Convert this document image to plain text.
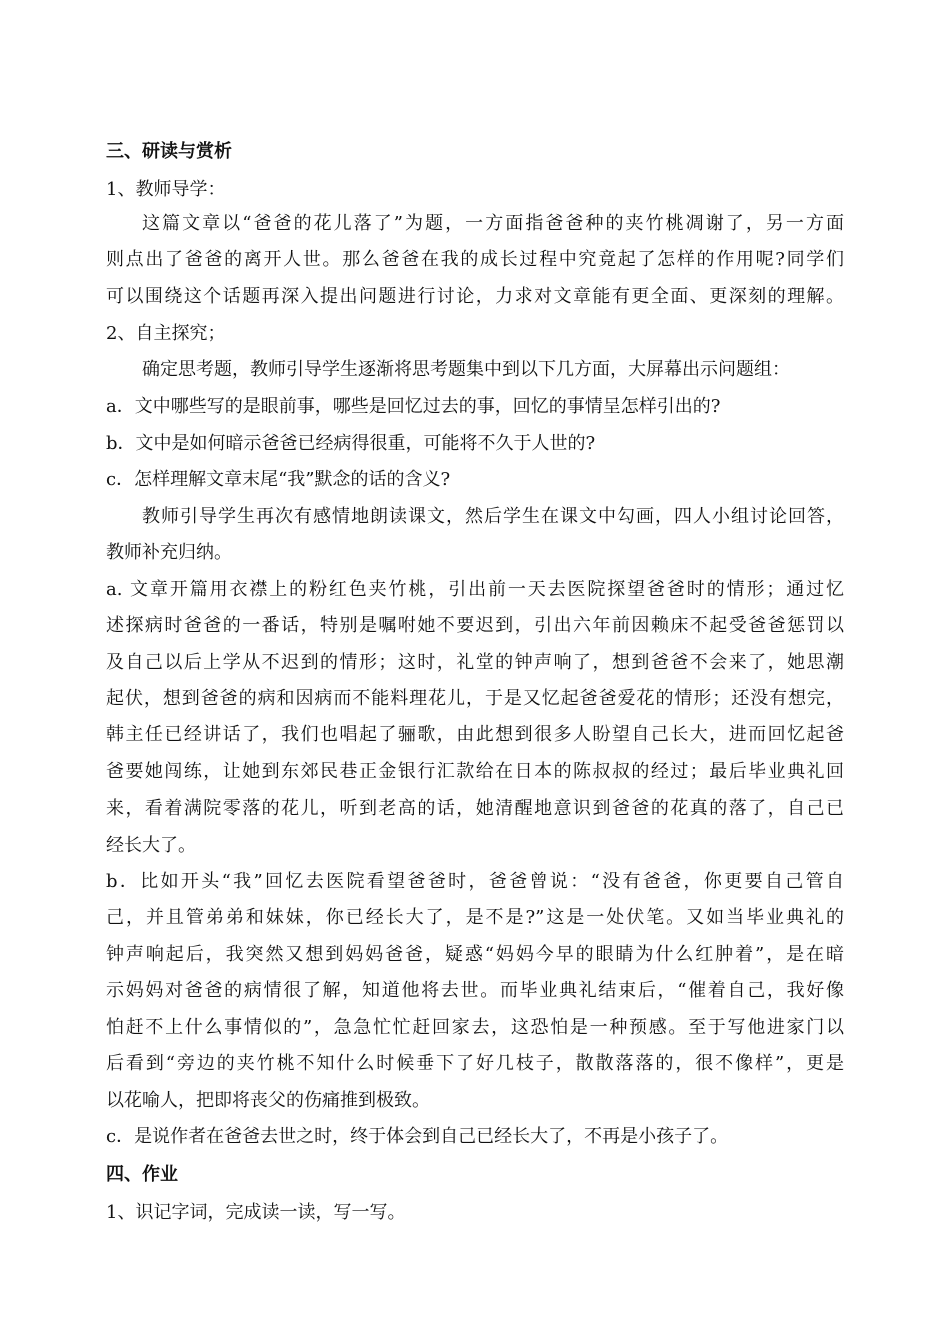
三、研读与赏析
1、教师导学：
这篇文章以“爸爸的花儿落了”为题，一方面指爸爸种的夹竹桃凋谢了，另一方面
则点出了爸爸的离开人世。那么爸爸在我的成长过程中究竟起了怎样的作用呢?同学们
可以围绕这个话题再深入提出问题进行讨论，力求对文章能有更全面、更深刻的理解。
2、自主探究；
确定思考题，教师引导学生逐渐将思考题集中到以下几方面，大屏幕出示问题组：
a．文中哪些写的是眼前事，哪些是回忆过去的事，回忆的事情呈怎样引出的?
b．文中是如何暗示爸爸已经病得很重，可能将不久于人世的?
c．怎样理解文章末尾“我”默念的话的含义?
教师引导学生再次有感情地朗读课文，然后学生在课文中勾画，四人小组讨论回答，
教师补充归纳。
a. 文章开篇用衣襟上的粉红色夹竹桃，引出前一天去医院探望爸爸时的情形；通过忆
述探病时爸爸的一番话，特别是嘱咐她不要迟到，引出六年前因赖床不起受爸爸惩罚以
及自己以后上学从不迟到的情形；这时，礼堂的钟声响了，想到爸爸不会来了，她思潮
起伏，想到爸爸的病和因病而不能料理花儿，于是又忆起爸爸爱花的情形；还没有想完，
韩主任已经讲话了，我们也唱起了骊歌，由此想到很多人盼望自己长大，进而回忆起爸
爸要她闯练，让她到东郊民巷正金银行汇款给在日本的陈叔叔的经过；最后毕业典礼回
来，看着满院零落的花儿，听到老高的话，她清醒地意识到爸爸的花真的落了，自己已
经长大了。
b．比如开头“我”回忆去医院看望爸爸时，爸爸曾说：“没有爸爸，你更要自己管自
己，并且管弟弟和妹妹，你已经长大了，是不是?”这是一处伏笔。又如当毕业典礼的
钟声响起后，我突然又想到妈妈爸爸，疑惑“妈妈今早的眼睛为什么红肿着”，是在暗
示妈妈对爸爸的病情很了解，知道他将去世。而毕业典礼结束后，“催着自己，我好像
怕赶不上什么事情似的”，急急忙忙赶回家去，这恐怕是一种预感。至于写他进家门以
后看到“旁边的夹竹桃不知什么时候垂下了好几枝子，散散落落的，很不像样”，更是
以花喻人，把即将丧父的伤痛推到极致。
c．是说作者在爸爸去世之时，终于体会到自己已经长大了，不再是小孩子了。
四、作业
1、识记字词，完成读一读，写一写。
